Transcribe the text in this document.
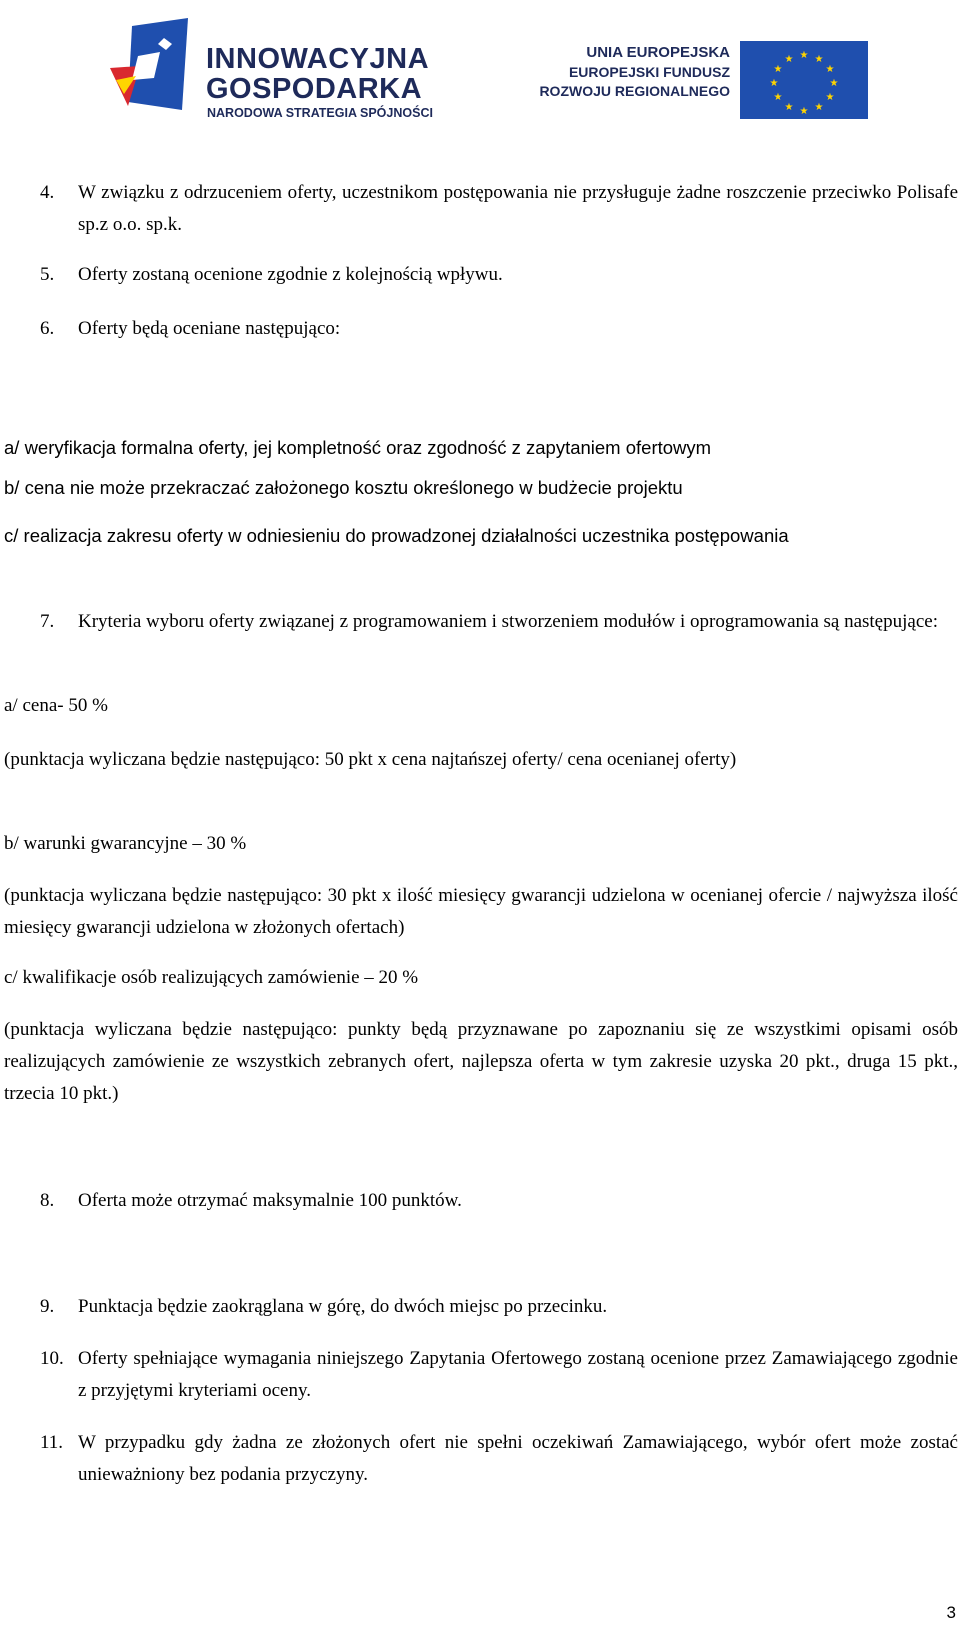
INNOWACYJNA
GOSPODARKA
NARODOWA STRATEGIA SPÓJNOŚCI
UNIA EUROPEJSKA
EUROPEJSKI FUNDUSZ
ROZWOJU REGIONALNEGO
★ ★
★
★
★
★
★
★
★
★
★
★
4. W związku z odrzuceniem oferty, uczestnikom postępowania nie przysługuje żadne roszczenie przeciwko Polisafe sp.z o.o. sp.k.

5. Oferty zostaną ocenione zgodnie z kolejnością wpływu.

6. Oferty będą oceniane następująco:

a/ weryfikacja formalna oferty, jej kompletność oraz zgodność z zapytaniem ofertowym

b/ cena nie może przekraczać założonego kosztu określonego w budżecie projektu

c/ realizacja zakresu oferty w odniesieniu do prowadzonej działalności uczestnika postępowania

7. Kryteria wyboru oferty związanej z programowaniem i stworzeniem modułów i oprogramowania są następujące:

a/ cena- 50 %

(punktacja wyliczana będzie następująco: 50 pkt x cena najtańszej oferty/ cena ocenianej oferty)

b/ warunki gwarancyjne – 30 %

(punktacja wyliczana będzie następująco: 30 pkt x ilość miesięcy gwarancji udzielona w ocenianej ofercie / najwyższa ilość miesięcy gwarancji udzielona w złożonych ofertach)

c/ kwalifikacje osób realizujących zamówienie – 20 %

(punktacja wyliczana będzie następująco: punkty będą przyznawane po zapoznaniu się ze wszystkimi opisami osób realizujących zamówienie ze wszystkich zebranych ofert, najlepsza oferta w tym zakresie uzyska 20 pkt., druga 15 pkt., trzecia 10 pkt.)

8. Oferta może otrzymać maksymalnie 100 punktów.

9. Punktacja będzie zaokrąglana w górę, do dwóch miejsc po przecinku.

10. Oferty spełniające wymagania niniejszego Zapytania Ofertowego zostaną ocenione przez Zamawiającego zgodnie z przyjętymi kryteriami oceny.

11. W przypadku gdy żadna ze złożonych ofert nie spełni oczekiwań Zamawiającego, wybór ofert może zostać unieważniony bez podania przyczyny.

3
